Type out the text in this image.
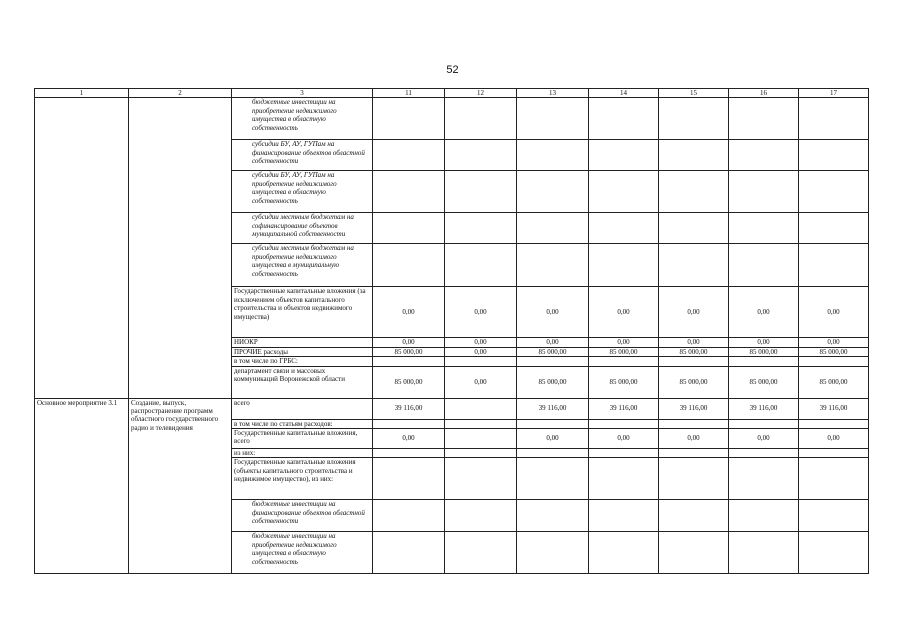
52
1	2	3	11	12	13	14	15	16	17
		бюджетные инвестиции на приобретение недвижимого имущества в областную собственность							
		субсидии БУ, АУ, ГУПам на финансирование объектов областной собственности							
		субсидии БУ, АУ, ГУПам на приобретение недвижимого имущества в областную собственность							
		субсидии местным бюджетам на софинансирование объектов муниципальной собственности							
		субсидии местным бюджетам на приобретение недвижимого имущества в муниципальную собственность							
		Государственные капитальные вложения (за исключением объектов капитального строительства и объектов недвижимого имущества)	0,00	0,00	0,00	0,00	0,00	0,00	0,00
		НИОКР	0,00	0,00	0,00	0,00	0,00	0,00	0,00
		ПРОЧИЕ расходы	85 000,00	0,00	85 000,00	85 000,00	85 000,00	85 000,00	85 000,00
		в том числе по ГРБС:							
		департамент связи и массовых коммуникаций Воронежской области	85 000,00	0,00	85 000,00	85 000,00	85 000,00	85 000,00	85 000,00
Основное мероприятие 3.1	Создание, выпуск, распространение программ областного государственного радио и телевидения	всего	39 116,00		39 116,00	39 116,00	39 116,00	39 116,00	39 116,00
		в том числе по статьям расходов:							
		Государственные капитальные вложения, всего	0,00		0,00	0,00	0,00	0,00	0,00
		из них:							
		Государственные капитальные вложения (объекты капитального строительства и недвижимое имущество), из них:							
		бюджетные инвестиции на финансирование объектов областной собственности							
		бюджетные инвестиции на приобретение недвижимого имущества в областную собственность							
